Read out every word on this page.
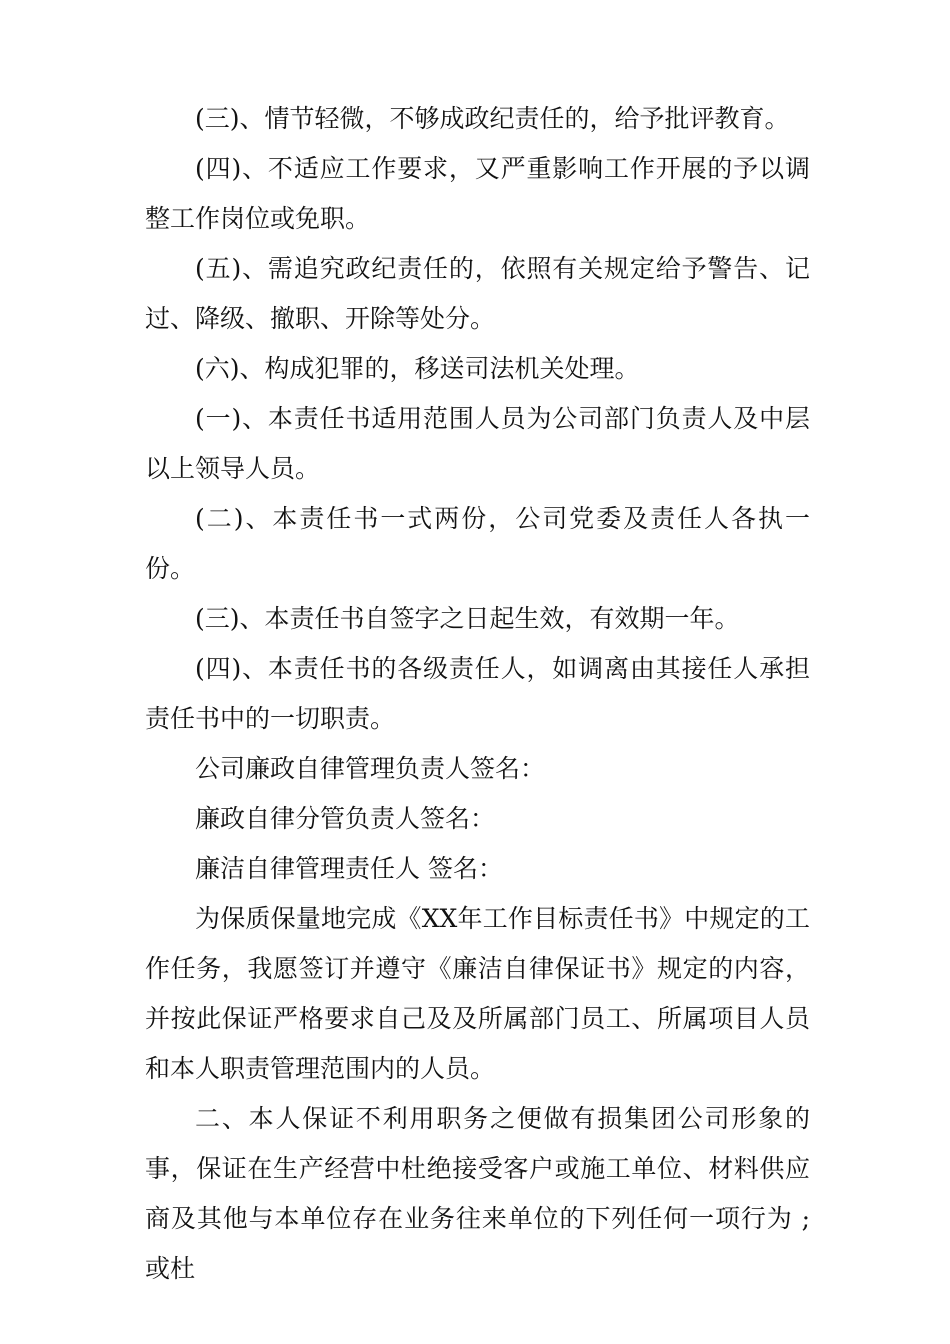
(三)、情节轻微，不够成政纪责任的，给予批评教育。

(四)、不适应工作要求，又严重影响工作开展的予以调整工作岗位或免职。

(五)、需追究政纪责任的，依照有关规定给予警告、记过、降级、撤职、开除等处分。

(六)、构成犯罪的，移送司法机关处理。

(一)、本责任书适用范围人员为公司部门负责人及中层以上领导人员。

(二)、本责任书一式两份，公司党委及责任人各执一份。

(三)、本责任书自签字之日起生效，有效期一年。

(四)、本责任书的各级责任人，如调离由其接任人承担责任书中的一切职责。

公司廉政自律管理负责人签名：

廉政自律分管负责人签名：

廉洁自律管理责任人 签名：

为保质保量地完成《XX年工作目标责任书》中规定的工作任务，我愿签订并遵守《廉洁自律保证书》规定的内容，并按此保证严格要求自己及及所属部门员工、所属项目人员和本人职责管理范围内的人员。

二、本人保证不利用职务之便做有损集团公司形象的事，保证在生产经营中杜绝接受客户或施工单位、材料供应商及其他与本单位存在业务往来单位的下列任何一项行为 ;或杜
